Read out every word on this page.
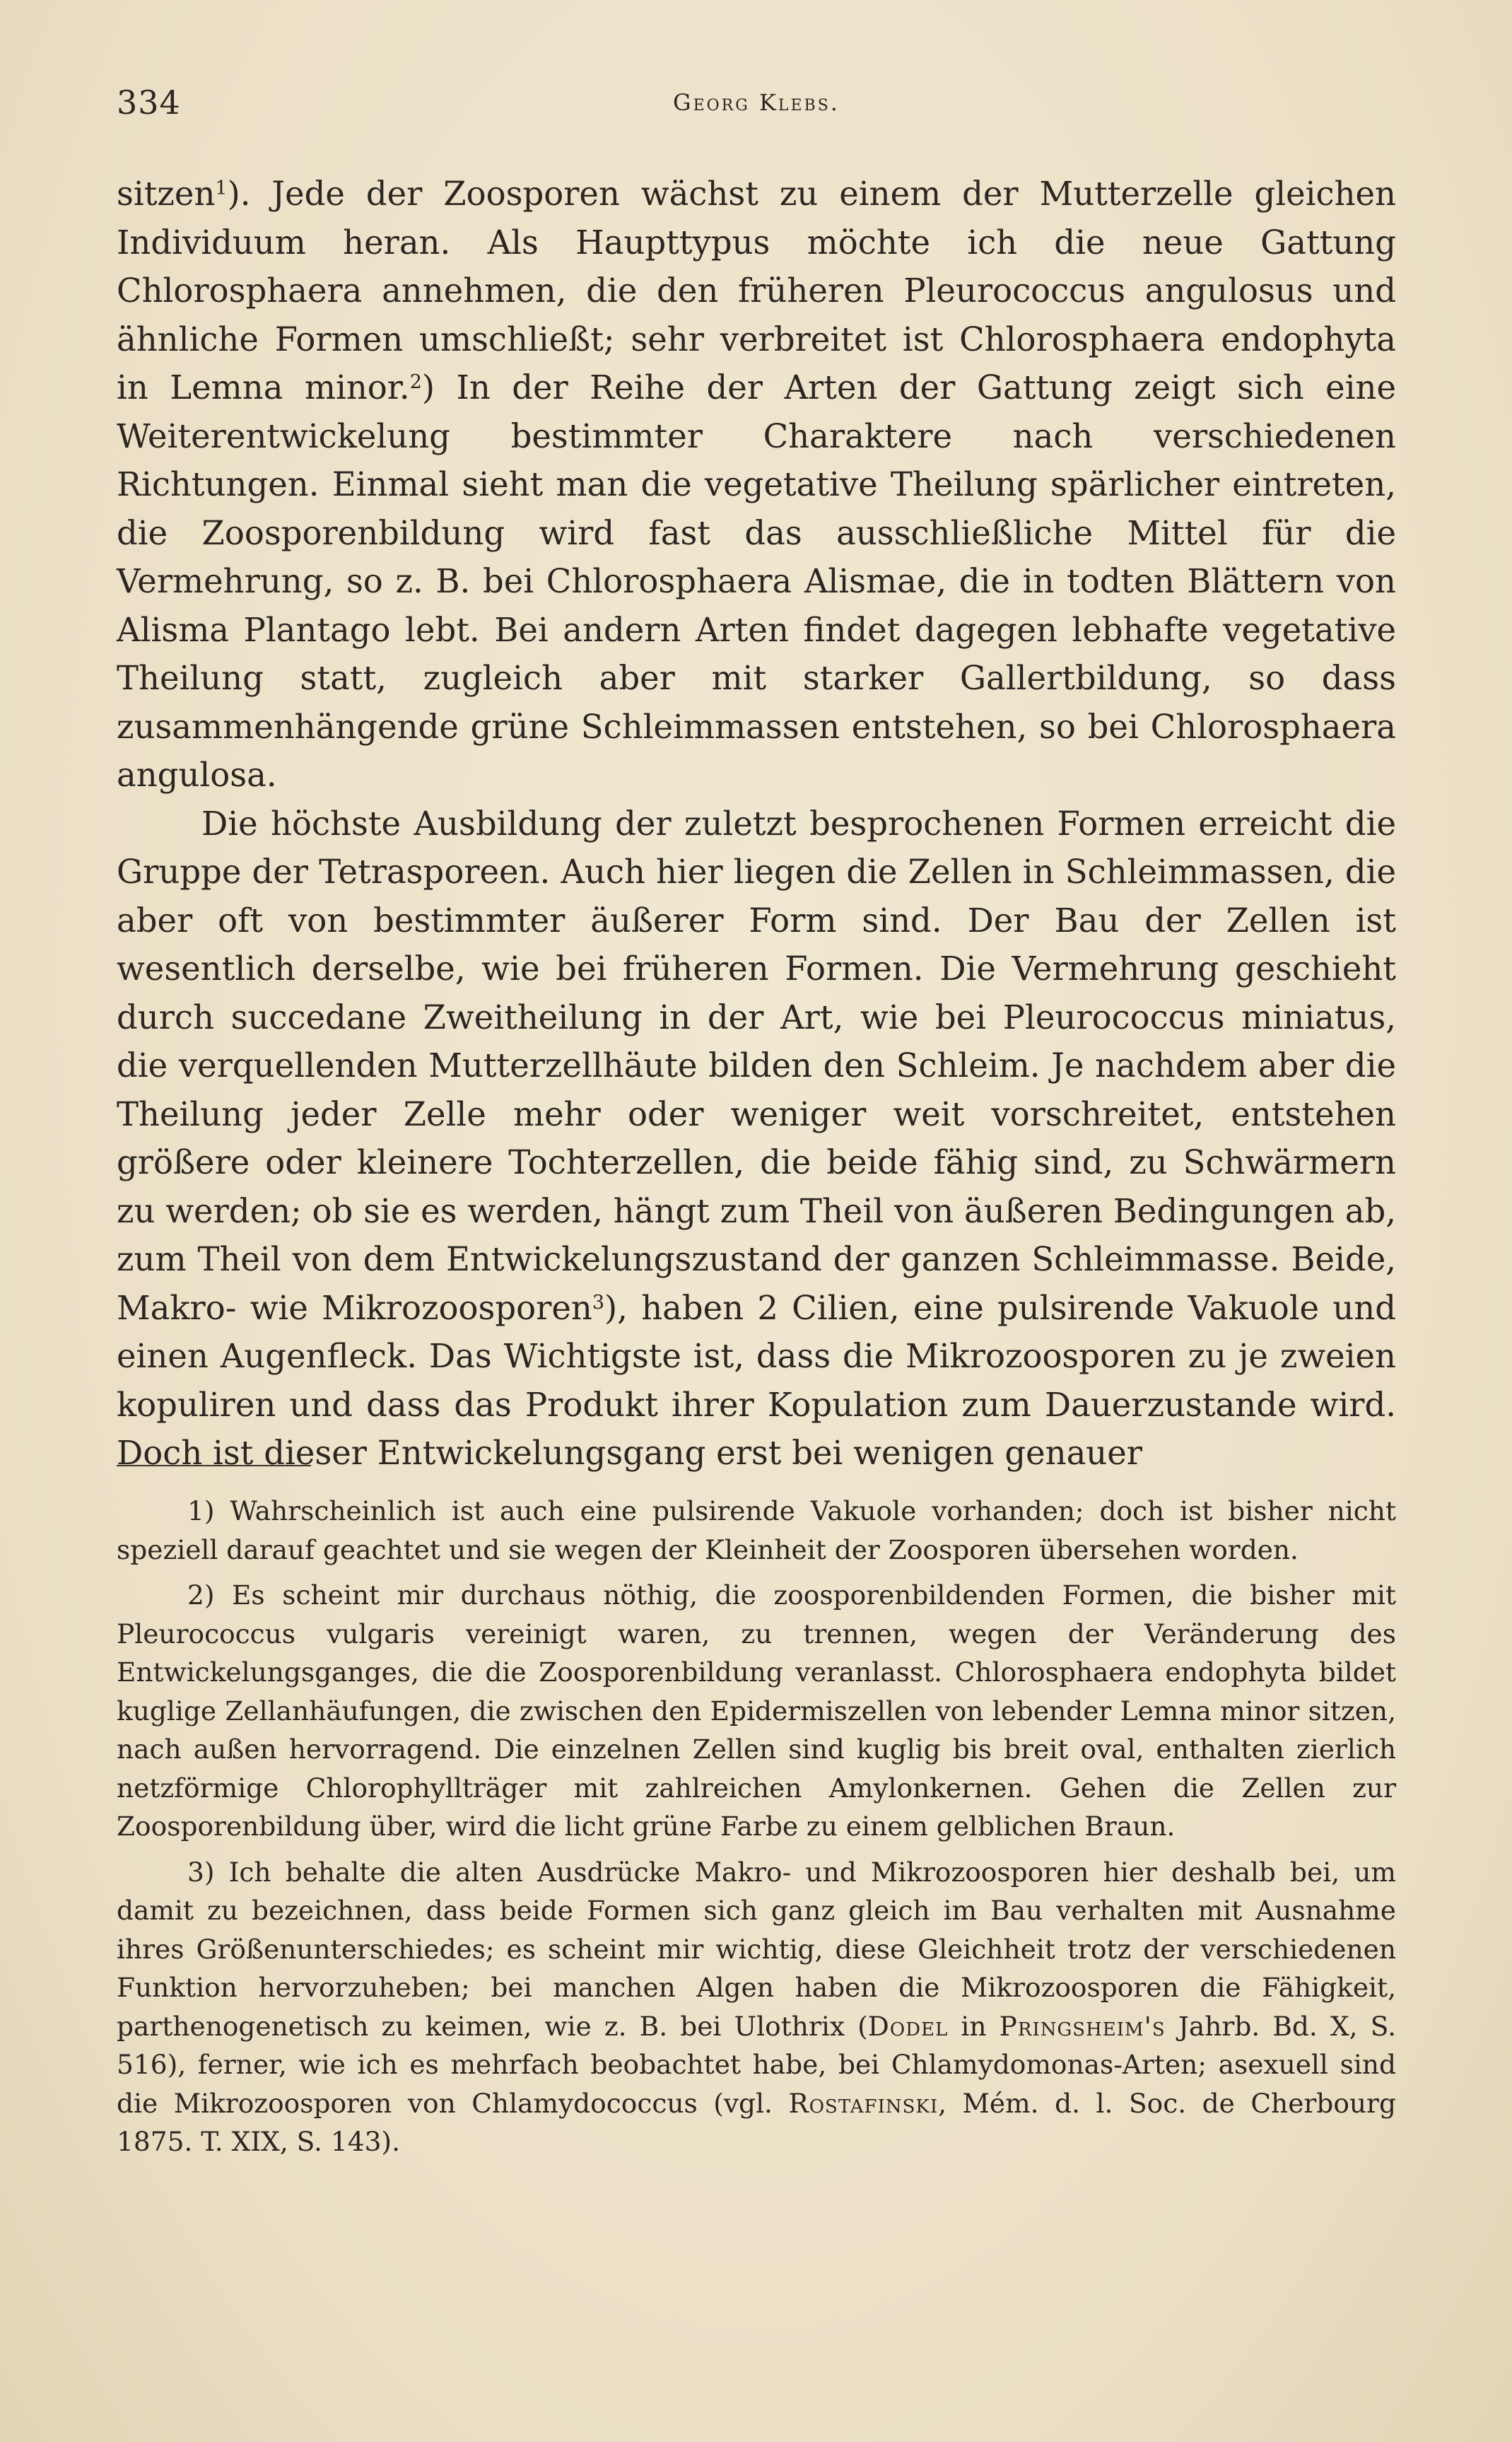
334	Georg Klebs.

sitzen$^1$). Jede der Zoosporen wächst zu einem der Mutterzelle gleichen Individuum heran. Als Haupttypus möchte ich die neue Gattung Chlorosphaera annehmen, die den früheren Pleurococcus angulosus und ähnliche Formen umschließt; sehr verbreitet ist Chlorosphaera endophyta in Lemna minor.$^2$) In der Reihe der Arten der Gattung zeigt sich eine Weiterentwickelung bestimmter Charaktere nach verschiedenen Richtungen. Einmal sieht man die vegetative Theilung spärlicher eintreten, die Zoosporenbildung wird fast das ausschließliche Mittel für die Vermehrung, so z. B. bei Chlorosphaera Alismae, die in todten Blättern von Alisma Plantago lebt. Bei andern Arten findet dagegen lebhafte vegetative Theilung statt, zugleich aber mit starker Gallertbildung, so dass zusammenhängende grüne Schleimmassen entstehen, so bei Chlorosphaera angulosa.

Die höchste Ausbildung der zuletzt besprochenen Formen erreicht die Gruppe der Tetrasporeen. Auch hier liegen die Zellen in Schleimmassen, die aber oft von bestimmter äußerer Form sind. Der Bau der Zellen ist wesentlich derselbe, wie bei früheren Formen. Die Vermehrung geschieht durch succedane Zweitheilung in der Art, wie bei Pleurococcus miniatus, die verquellenden Mutterzellhäute bilden den Schleim. Je nachdem aber die Theilung jeder Zelle mehr oder weniger weit vorschreitet, entstehen größere oder kleinere Tochterzellen, die beide fähig sind, zu Schwärmern zu werden; ob sie es werden, hängt zum Theil von äußeren Bedingungen ab, zum Theil von dem Entwickelungszustand der ganzen Schleimmasse. Beide, Makro- wie Mikrozoosporen$^3$), haben 2 Cilien, eine pulsirende Vakuole und einen Augenfleck. Das Wichtigste ist, dass die Mikrozoosporen zu je zweien kopuliren und dass das Produkt ihrer Kopulation zum Dauerzustande wird. Doch ist dieser Entwickelungsgang erst bei wenigen genauer

1) Wahrscheinlich ist auch eine pulsirende Vakuole vorhanden; doch ist bisher nicht speziell darauf geachtet und sie wegen der Kleinheit der Zoosporen übersehen worden.

2) Es scheint mir durchaus nöthig, die zoosporenbildenden Formen, die bisher mit Pleurococcus vulgaris vereinigt waren, zu trennen, wegen der Veränderung des Entwickelungsganges, die die Zoosporenbildung veranlasst. Chlorosphaera endophyta bildet kuglige Zellanhäufungen, die zwischen den Epidermiszellen von lebender Lemna minor sitzen, nach außen hervorragend. Die einzelnen Zellen sind kuglig bis breit oval, enthalten zierlich netzförmige Chlorophyllträger mit zahlreichen Amylonkernen. Gehen die Zellen zur Zoosporenbildung über, wird die licht grüne Farbe zu einem gelblichen Braun.

3) Ich behalte die alten Ausdrücke Makro- und Mikrozoosporen hier deshalb bei, um damit zu bezeichnen, dass beide Formen sich ganz gleich im Bau verhalten mit Ausnahme ihres Größenunterschiedes; es scheint mir wichtig, diese Gleichheit trotz der verschiedenen Funktion hervorzuheben; bei manchen Algen haben die Mikrozoosporen die Fähigkeit, parthenogenetisch zu keimen, wie z. B. bei Ulothrix (Dodel in Pringsheim's Jahrb. Bd. X, S. 516), ferner, wie ich es mehrfach beobachtet habe, bei Chlamydomonas-Arten; asexuell sind die Mikrozoosporen von Chlamydococcus (vgl. Rostafinski, Mém. d. l. Soc. de Cherbourg 1875. T. XIX, S. 143).
